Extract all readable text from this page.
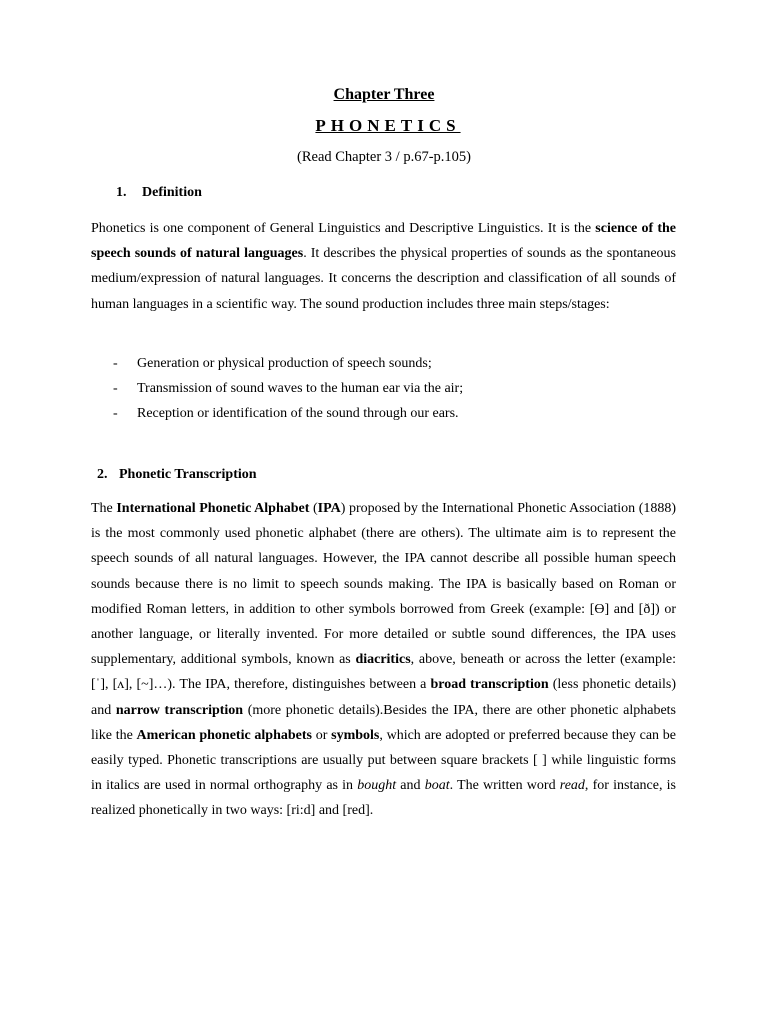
Chapter Three
PHONETICS
(Read Chapter 3 / p.67-p.105)
1. Definition

Phonetics is one component of General Linguistics and Descriptive Linguistics. It is the science of the speech sounds of natural languages. It describes the physical properties of sounds as the spontaneous medium/expression of natural languages. It concerns the description and classification of all sounds of human languages in a scientific way. The sound production includes three main steps/stages:

-	Generation or physical production of speech sounds;
-	Transmission of sound waves to the human ear via the air;
-	Reception or identification of the sound through our ears.
2. Phonetic Transcription

The International Phonetic Alphabet (IPA) proposed by the International Phonetic Association (1888) is the most commonly used phonetic alphabet (there are others). The ultimate aim is to represent the speech sounds of all natural languages. However, the IPA cannot describe all possible human speech sounds because there is no limit to speech sounds making. The IPA is basically based on Roman or modified Roman letters, in addition to other symbols borrowed from Greek (example: [ϴ] and [ð]) or another language, or literally invented. For more detailed or subtle sound differences, the IPA uses supplementary, additional symbols, known as diacritics, above, beneath or across the letter (example: [ˈ], [ʌ], [~]…). The IPA, therefore, distinguishes between a broad transcription (less phonetic details) and narrow transcription (more phonetic details).Besides the IPA, there are other phonetic alphabets like the American phonetic alphabets or symbols, which are adopted or preferred because they can be easily typed. Phonetic transcriptions are usually put between square brackets [ ] while linguistic forms in italics are used in normal orthography as in bought and boat. The written word read, for instance, is realized phonetically in two ways: [ri:d] and [red].
